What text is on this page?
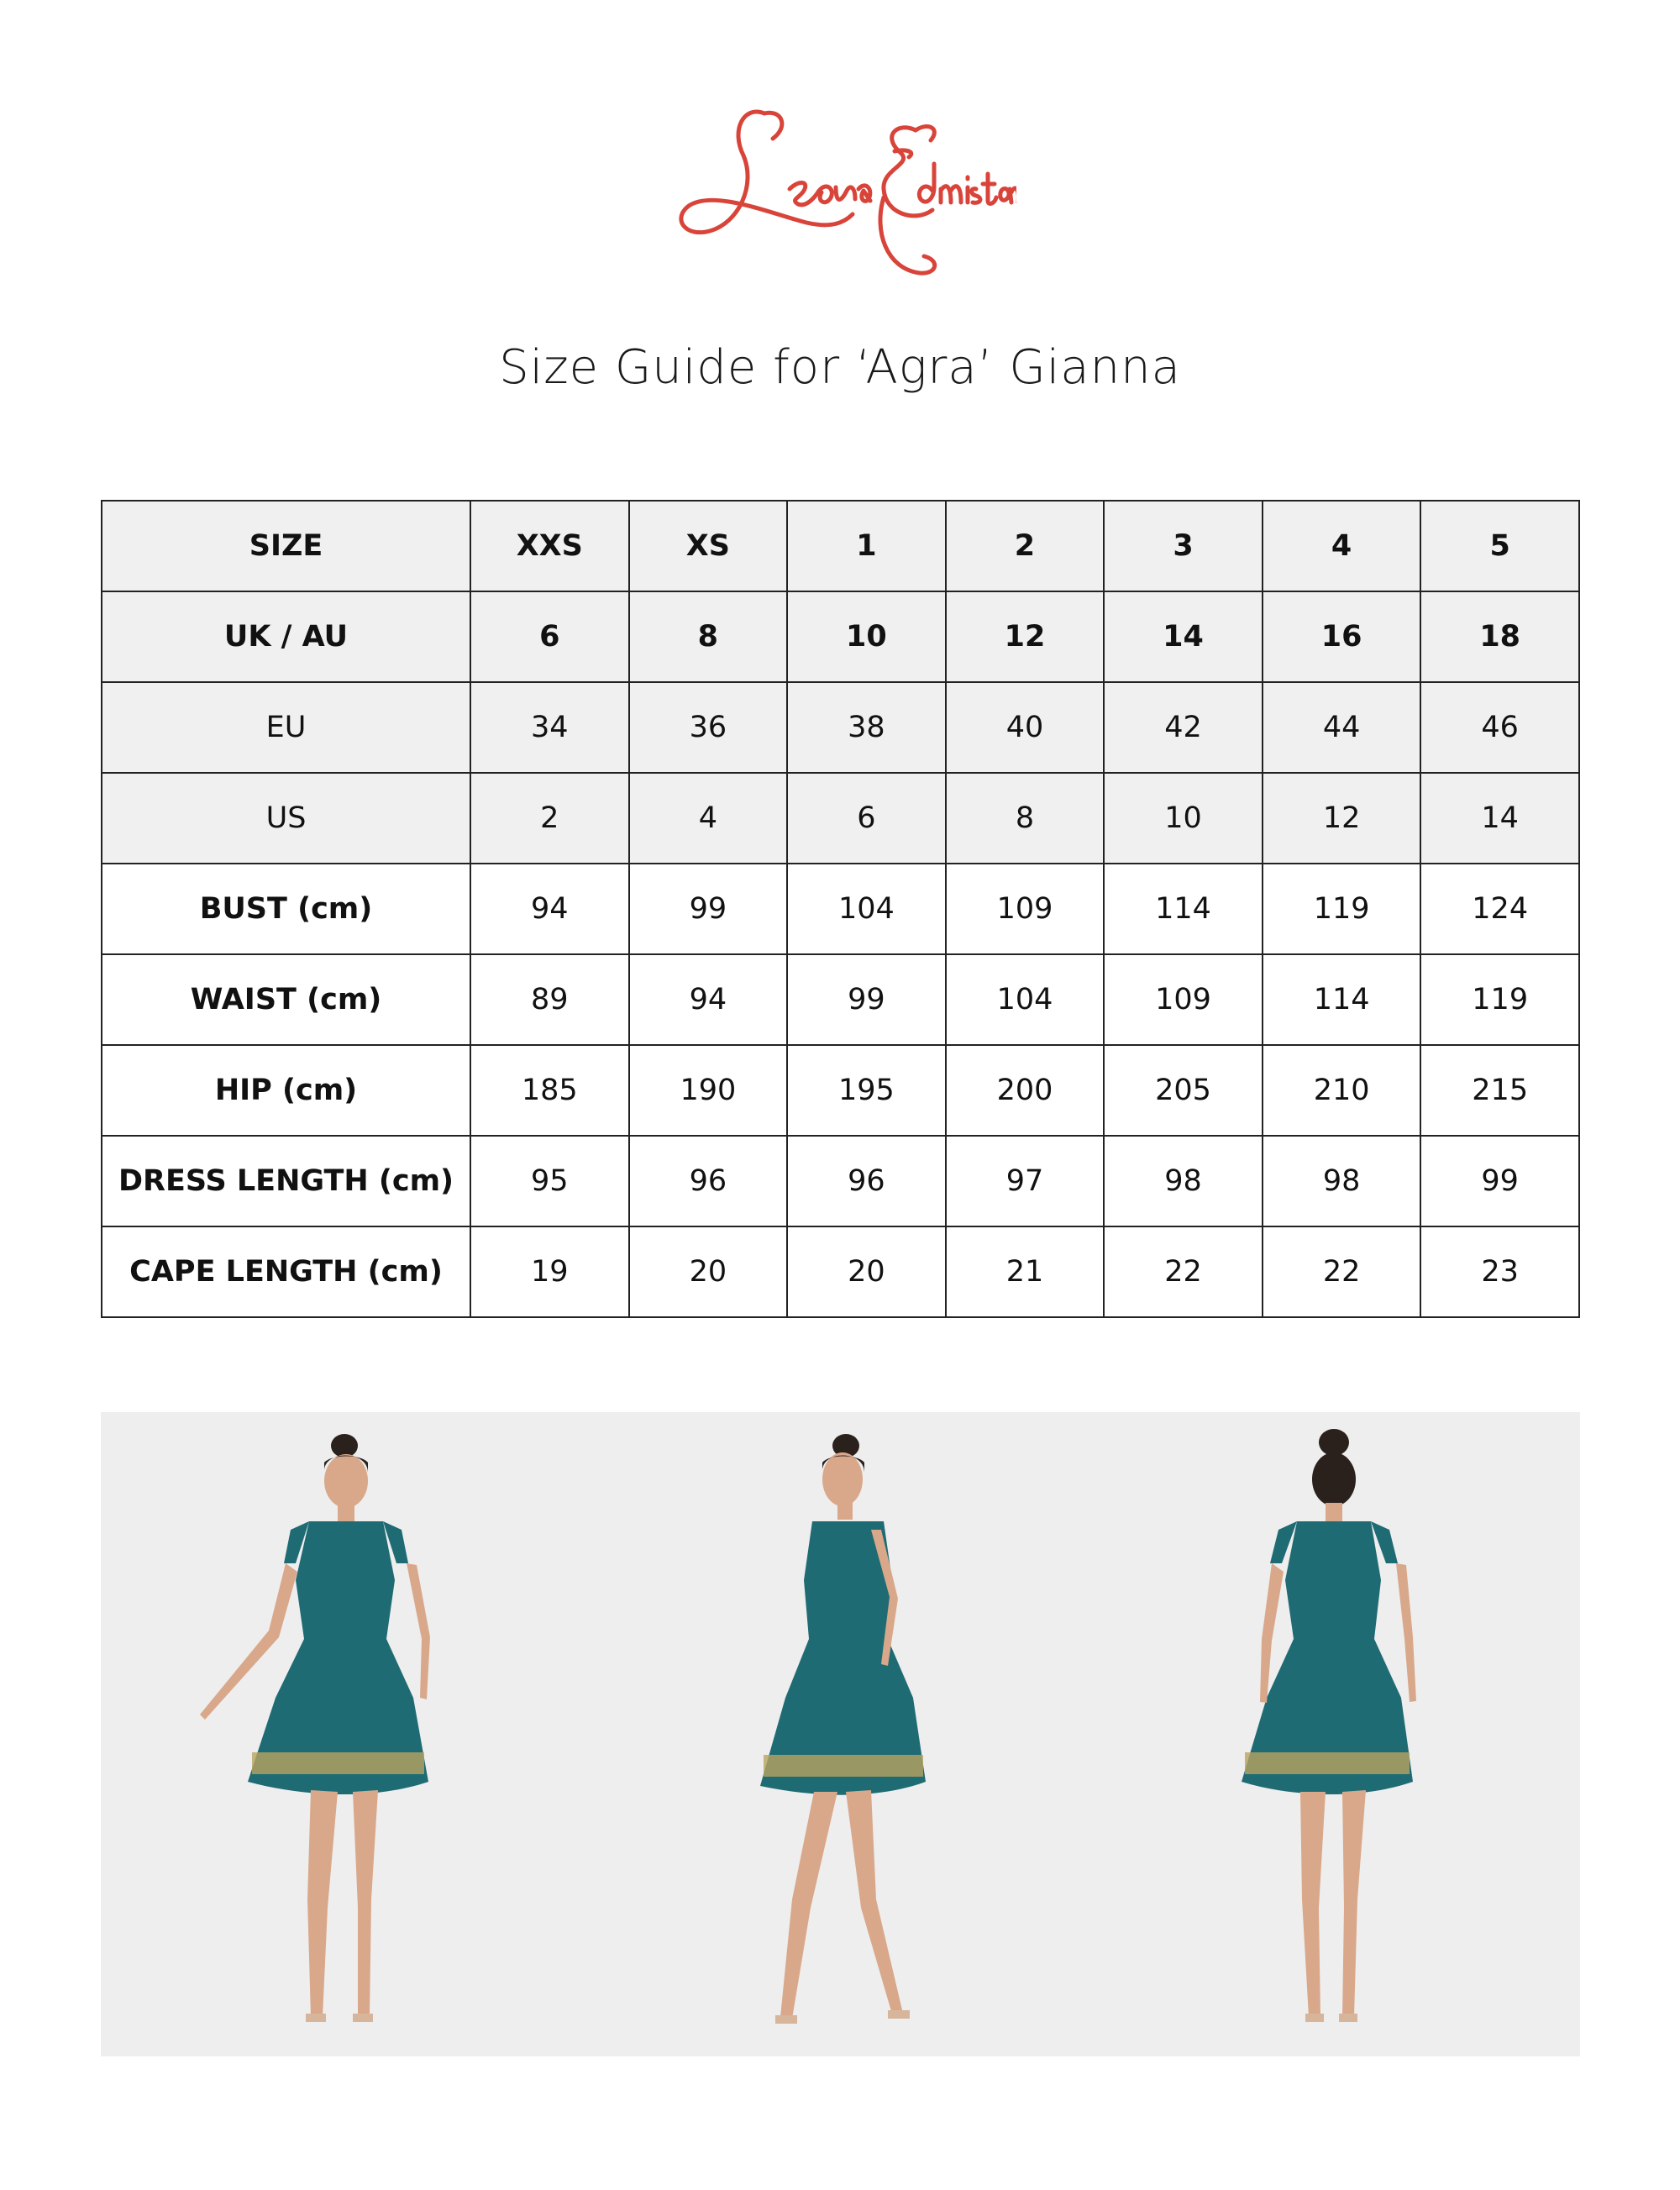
Size Guide for ‘Agra’ Gianna
SIZE	XXS	XS	1	2	3	4	5
UK / AU	6	8	10	12	14	16	18
EU	34	36	38	40	42	44	46
US	2	4	6	8	10	12	14
BUST (cm)	94	99	104	109	114	119	124
WAIST (cm)	89	94	99	104	109	114	119
HIP (cm)	185	190	195	200	205	210	215
DRESS LENGTH (cm)	95	96	96	97	98	98	99
CAPE LENGTH (cm)	19	20	20	21	22	22	23
